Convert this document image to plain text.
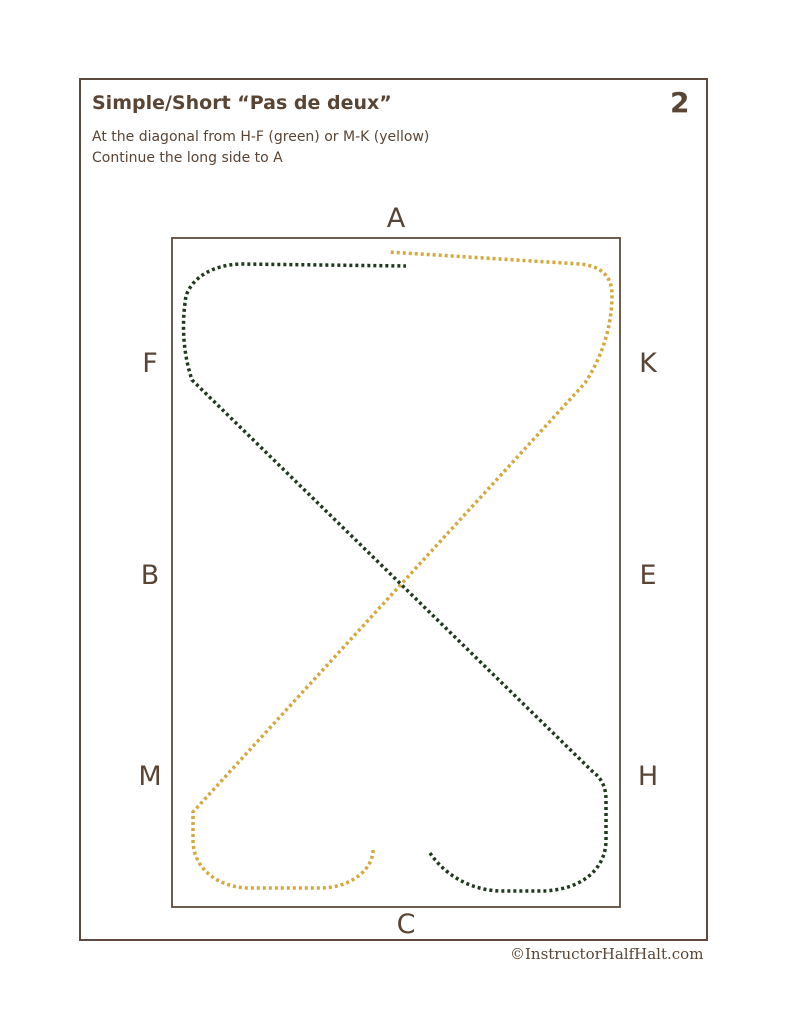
Simple/Short “Pas de deux”	2
At the diagonal from H-F (green) or M-K (yellow)
Continue the long side to A
A
F	K
B	E
M	H
C
©InstructorHalfHalt.com
